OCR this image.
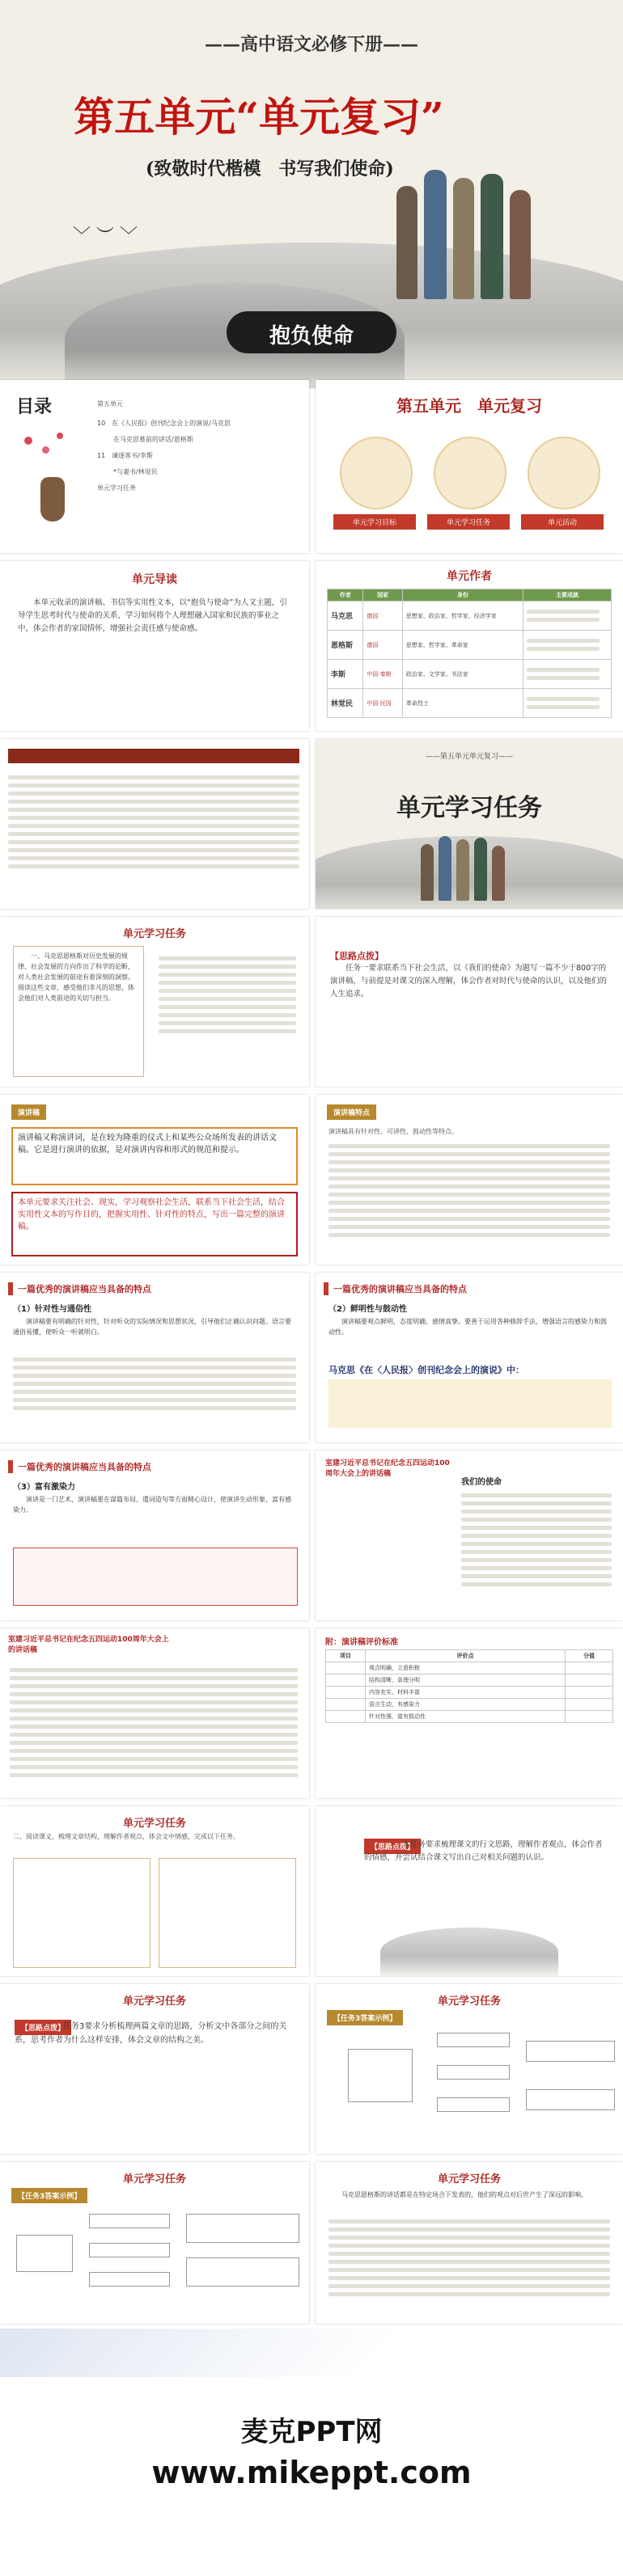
——高中语文必修下册——
第五单元“单元复习”
(致敬时代楷模　书写我们使命)
﹀ ︶ ﹀
抱负使命
目录	第五单元
10　在《人民报》创刊纪念会上的演说/马克思
在马克思墓前的讲话/恩格斯
11　谏逐客书/李斯
*与妻书/林觉民
单元学习任务
第五单元　单元复习
单元学习目标	单元学习任务	单元活动
单元导读
本单元收录的演讲稿、书信等实用性文本，以“抱负与使命”为人文主题，引导学生思考时代与使命的关系，学习如何将个人理想融入国家和民族的事业之中，体会作者的家国情怀，增强社会责任感与使命感。
单元作者
作者	国家	身份	主要成就
马克思	德国	思想家、政治家、哲学家、经济学家	

恩格斯	德国	思想家、哲学家、革命家	

李斯	中国·秦朝	政治家、文学家、书法家	

林觉民	中国·民国	革命烈士	
——第五单元单元复习——
单元学习任务
单元学习任务
一、马克思恩格斯对历史发展的规律、社会发展的方向作出了科学的论断，对人类社会发展的前途有着深刻的洞察。阅读这些文章，感受他们非凡的思想，体会他们对人类前途的关切与担当。
【思路点拨】
任务一要求联系当下社会生活，以《我们的使命》为题写一篇不少于800字的演讲稿，与前提是对课文的深入理解，体会作者对时代与使命的认识，以及他们的人生追求。
演讲稿
演讲稿又称演讲词，是在较为隆重的仪式上和某些公众场所发表的讲话文稿。它是进行演讲的依据，是对演讲内容和形式的规范和提示。
本单元要求关注社会、现实，学习观察社会生活，联系当下社会生活，结合实用性文本的写作目的，把握实用性、针对性的特点，写出一篇完整的演讲稿。
演讲稿特点
演讲稿具有针对性、可讲性、鼓动性等特点。
一篇优秀的演讲稿应当具备的特点
（1）针对性与通俗性
演讲稿要有明确的针对性，针对听众的实际情况和思想状况，引导他们正确认识问题。语言要通俗易懂，使听众一听就明白。
一篇优秀的演讲稿应当具备的特点
（2）鲜明性与鼓动性
演讲稿要观点鲜明，态度明确，感情真挚。要善于运用各种修辞手法，增强语言的感染力和鼓动性。
马克思《在〈人民报〉创刊纪念会上的演说》中：
一篇优秀的演讲稿应当具备的特点
（3）富有激染力
演讲是一门艺术，演讲稿要在谋篇布局、遣词造句等方面精心设计，使演讲生动形象、富有感染力。
室建习近平总书记在纪念五四运动100周年大会上的讲话稿
我们的使命
室建习近平总书记在纪念五四运动100周年大会上的讲话稿
附：演讲稿评价标准
项目	评价点	分值
	观点明确，立意积极	
	结构清晰，条理分明	
	内容充实，材料丰富	
	语言生动，有感染力	
	针对性强，富有鼓动性	
单元学习任务
二、阅读课文，梳理文章结构，理解作者观点，体会文中情感，完成以下任务。
【思路点拨】
本任务要求梳理课文的行文思路，理解作者观点，体会作者的情感，并尝试结合课文写出自己对相关问题的认识。
单元学习任务
【思路点拨】
任务3要求分析梳理两篇文章的思路，分析文中各部分之间的关系，思考作者为什么这样安排，体会文章的结构之美。
单元学习任务
【任务3答案示例】
单元学习任务
【任务3答案示例】
单元学习任务
马克思恩格斯的讲话都是在特定场合下发表的，他们的观点对后世产生了深远的影响。
麦克PPT网
www.mikeppt.com
